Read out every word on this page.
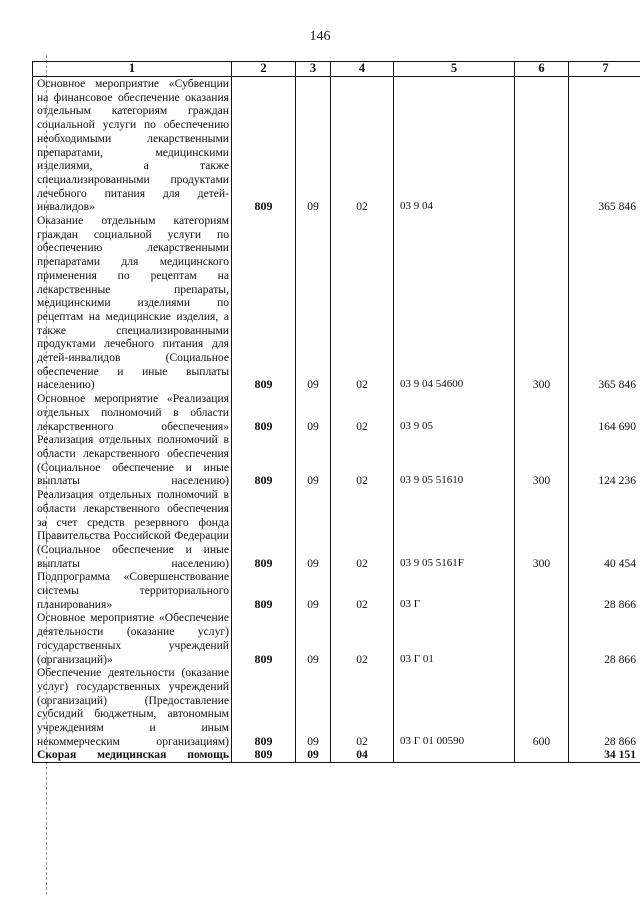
146
1	2	3	4	5	6	7
Основное мероприятие «Субвенции на финансовое обеспечение оказания отдельным категориям граждан социальной услуги по обеспечению необходимыми лекарственными препаратами, медицинскими изделиями, а также специализированными продуктами лечебного питания для детей-инвалидов»	809	09	02	03 9 04		365 846
Оказание отдельным категориям граждан социальной услуги по обеспечению лекарственными препаратами для медицинского применения по рецептам на лекарственные препараты, медицинскими изделиями по рецептам на медицинские изделия, а также специализированными продуктами лечебного питания для детей-инвалидов (Социальное обеспечение и иные выплаты населению)	809	09	02	03 9 04 54600	300	365 846
Основное мероприятие «Реализация отдельных полномочий в области лекарственного обеспечения»	809	09	02	03 9 05		164 690
Реализация отдельных полномочий в области лекарственного обеспечения (Социальное обеспечение и иные выплаты населению)	809	09	02	03 9 05 51610	300	124 236
Реализация отдельных полномочий в области лекарственного обеспечения за счет средств резервного фонда Правительства Российской Федерации (Социальное обеспечение и иные выплаты населению)	809	09	02	03 9 05 5161F	300	40 454
Подпрограмма «Совершенствование системы территориального планирования»	809	09	02	03 Г		28 866
Основное мероприятие «Обеспечение деятельности (оказание услуг) государственных учреждений (организаций)»	809	09	02	03 Г 01		28 866
Обеспечение деятельности (оказание услуг) государственных учреждений (организаций) (Предоставление субсидий бюджетным, автономным учреждениям и иным некоммерческим организациям)	809	09	02	03 Г 01 00590	600	28 866
Скорая медицинская помощь	809	09	04			34 151
